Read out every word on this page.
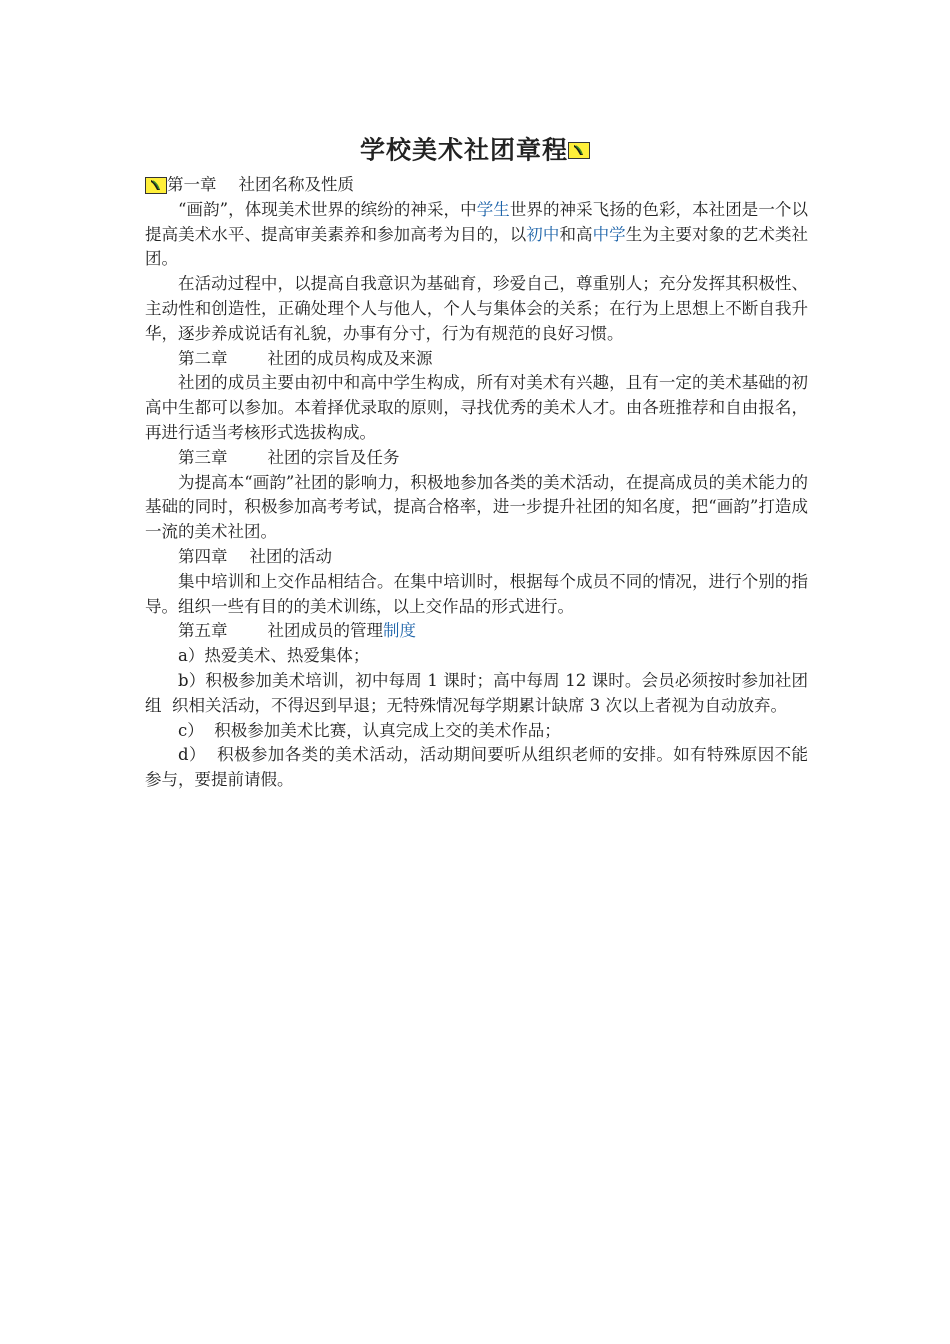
学校美术社团章程

第一章 社团名称及性质

“画韵”，体现美术世界的缤纷的神采，中学生世界的神采飞扬的色彩，本社团是一个以提高美术水平、提高审美素养和参加高考为目的，以初中和高中学生为主要对象的艺术类社团。

在活动过程中，以提高自我意识为基础育，珍爱自己，尊重别人；充分发挥其积极性、主动性和创造性，正确处理个人与他人，个人与集体会的关系；在行为上思想上不断自我升华，逐步养成说话有礼貌，办事有分寸，行为有规范的良好习惯。

第二章 社团的成员构成及来源

社团的成员主要由初中和高中学生构成，所有对美术有兴趣，且有一定的美术基础的初高中生都可以参加。本着择优录取的原则，寻找优秀的美术人才。由各班推荐和自由报名，再进行适当考核形式选拔构成。

第三章 社团的宗旨及任务

为提高本“画韵”社团的影响力，积极地参加各类的美术活动，在提高成员的美术能力的基础的同时，积极参加高考考试，提高合格率，进一步提升社团的知名度，把“画韵”打造成一流的美术社团。

第四章 社团的活动

集中培训和上交作品相结合。在集中培训时，根据每个成员不同的情况，进行个别的指导。组织一些有目的的美术训练，以上交作品的形式进行。

第五章 社团成员的管理制度

a）热爱美术、热爱集体；

b）积极参加美术培训，初中每周 1 课时；高中每周 12 课时。会员必须按时参加社团组  织相关活动，不得迟到早退；无特殊情况每学期累计缺席 3 次以上者视为自动放弃。

c）  积极参加美术比赛，认真完成上交的美术作品；

d）  积极参加各类的美术活动，活动期间要听从组织老师的安排。如有特殊原因不能参与，要提前请假。
